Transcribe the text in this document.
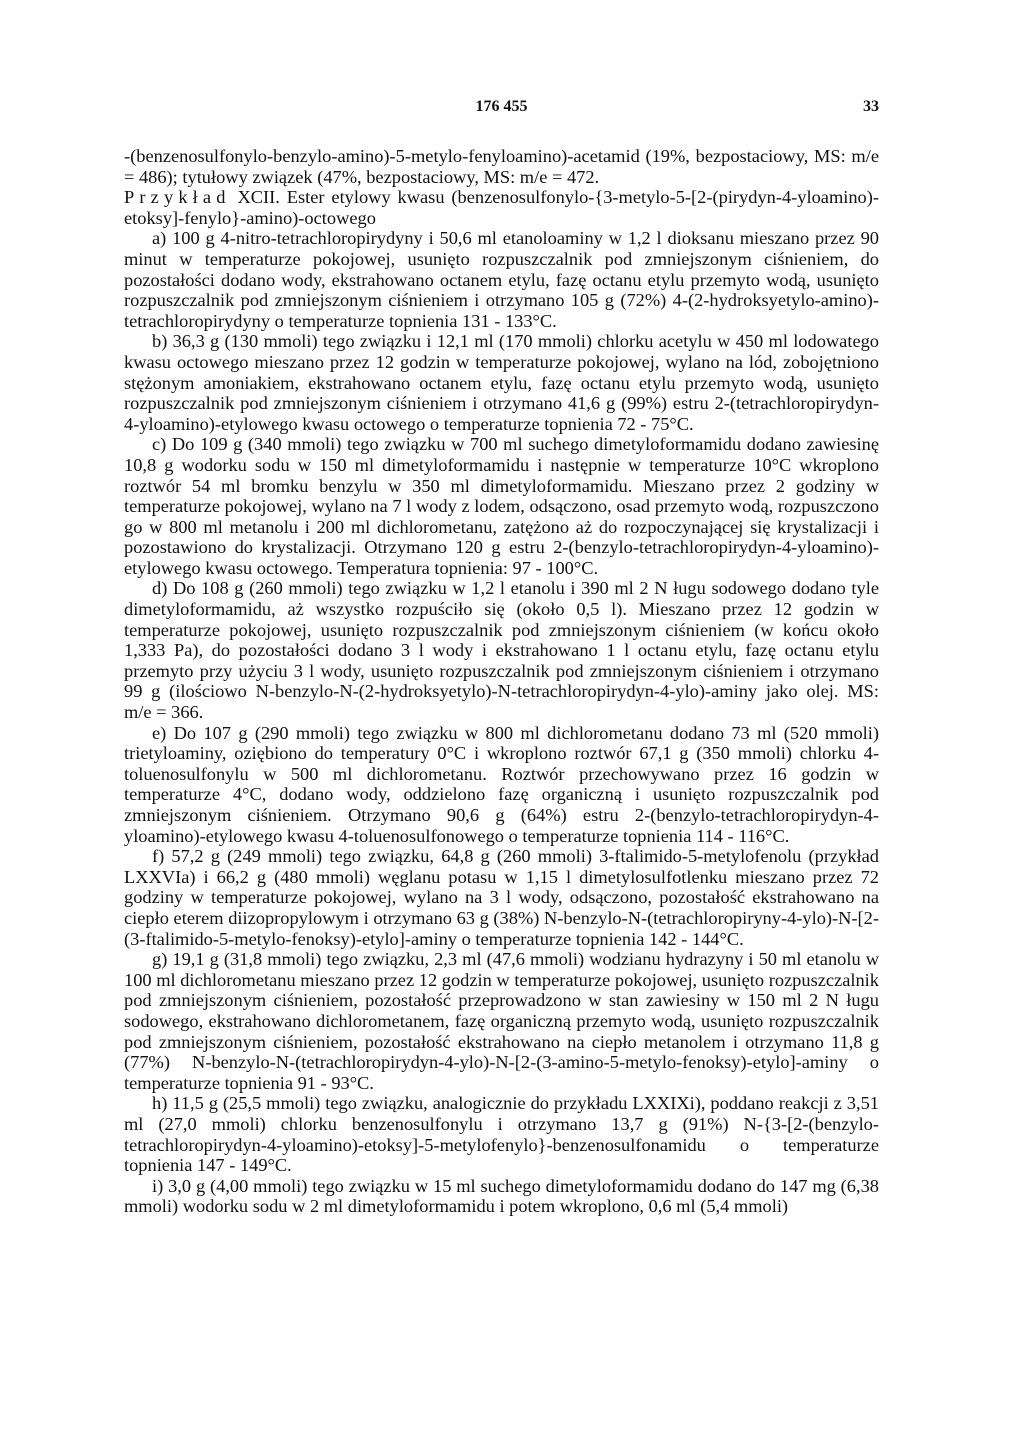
176 455	33

-(benzenosulfonylo-benzylo-amino)-5-metylo-fenyloamino)-acetamid (19%, bezpostaciowy, MS: m/e = 486); tytułowy związek (47%, bezpostaciowy, MS: m/e = 472.

Przykład XCII. Ester etylowy kwasu (benzenosulfonylo-{3-metylo-5-[2-(pirydyn-4-yloamino)-etoksy]-fenylo}-amino)-octowego

a) 100 g 4-nitro-tetrachloropirydyny i 50,6 ml etanoloaminy w 1,2 l dioksanu mieszano przez 90 minut w temperaturze pokojowej, usunięto rozpuszczalnik pod zmniejszonym ciśnieniem, do pozostałości dodano wody, ekstrahowano octanem etylu, fazę octanu etylu przemyto wodą, usunięto rozpuszczalnik pod zmniejszonym ciśnieniem i otrzymano 105 g (72%) 4-(2-hydroksyetylo-amino)-tetrachloropirydyny o temperaturze topnienia 131 - 133°C.

b) 36,3 g (130 mmoli) tego związku i 12,1 ml (170 mmoli) chlorku acetylu w 450 ml lodowatego kwasu octowego mieszano przez 12 godzin w temperaturze pokojowej, wylano na lód, zobojętniono stężonym amoniakiem, ekstrahowano octanem etylu, fazę octanu etylu przemyto wodą, usunięto rozpuszczalnik pod zmniejszonym ciśnieniem i otrzymano 41,6 g (99%) estru 2-(tetrachloropirydyn-4-yloamino)-etylowego kwasu octowego o temperaturze topnienia 72 - 75°C.

c) Do 109 g (340 mmoli) tego związku w 700 ml suchego dimetyloformamidu dodano zawiesinę 10,8 g wodorku sodu w 150 ml dimetyloformamidu i następnie w temperaturze 10°C wkroplono roztwór 54 ml bromku benzylu w 350 ml dimetyloformamidu. Mieszano przez 2 godziny w temperaturze pokojowej, wylano na 7 l wody z lodem, odsączono, osad przemyto wodą, rozpuszczono go w 800 ml metanolu i 200 ml dichlorometanu, zatężono aż do rozpoczynającej się krystalizacji i pozostawiono do krystalizacji. Otrzymano 120 g estru 2-(benzylo-tetrachloropirydyn-4-yloamino)-etylowego kwasu octowego. Temperatura topnienia: 97 - 100°C.

d) Do 108 g (260 mmoli) tego związku w 1,2 l etanolu i 390 ml 2 N ługu sodowego dodano tyle dimetyloformamidu, aż wszystko rozpuściło się (około 0,5 l). Mieszano przez 12 godzin w temperaturze pokojowej, usunięto rozpuszczalnik pod zmniejszonym ciśnieniem (w końcu około 1,333 Pa), do pozostałości dodano 3 l wody i ekstrahowano 1 l octanu etylu, fazę octanu etylu przemyto przy użyciu 3 l wody, usunięto rozpuszczalnik pod zmniejszonym ciśnieniem i otrzymano 99 g (ilościowo N-benzylo-N-(2-hydroksyetylo)-N-tetrachloropirydyn-4-ylo)-aminy jako olej. MS: m/e = 366.

e) Do 107 g (290 mmoli) tego związku w 800 ml dichlorometanu dodano 73 ml (520 mmoli) trietyloaminy, oziębiono do temperatury 0°C i wkroplono roztwór 67,1 g (350 mmoli) chlorku 4-toluenosulfonylu w 500 ml dichlorometanu. Roztwór przechowywano przez 16 godzin w temperaturze 4°C, dodano wody, oddzielono fazę organiczną i usunięto rozpuszczalnik pod zmniejszonym ciśnieniem. Otrzymano 90,6 g (64%) estru 2-(benzylo-tetrachloropirydyn-4-yloamino)-etylowego kwasu 4-toluenosulfonowego o temperaturze topnienia 114 - 116°C.

f) 57,2 g (249 mmoli) tego związku, 64,8 g (260 mmoli) 3-ftalimido-5-metylofenolu (przykład LXXVIa) i 66,2 g (480 mmoli) węglanu potasu w 1,15 l dimetylosulfotlenku mieszano przez 72 godziny w temperaturze pokojowej, wylano na 3 l wody, odsączono, pozostałość ekstrahowano na ciepło eterem diizopropylowym i otrzymano 63 g (38%) N-benzylo-N-(tetrachloropiryny-4-ylo)-N-[2-(3-ftalimido-5-metylo-fenoksy)-etylo]-aminy o temperaturze topnienia 142 - 144°C.

g) 19,1 g (31,8 mmoli) tego związku, 2,3 ml (47,6 mmoli) wodzianu hydrazyny i 50 ml etanolu w 100 ml dichlorometanu mieszano przez 12 godzin w temperaturze pokojowej, usunięto rozpuszczalnik pod zmniejszonym ciśnieniem, pozostałość przeprowadzono w stan zawiesiny w 150 ml 2 N ługu sodowego, ekstrahowano dichlorometanem, fazę organiczną przemyto wodą, usunięto rozpuszczalnik pod zmniejszonym ciśnieniem, pozostałość ekstrahowano na ciepło metanolem i otrzymano 11,8 g (77%) N-benzylo-N-(tetrachloropirydyn-4-ylo)-N-[2-(3-amino-5-metylo-fenoksy)-etylo]-aminy o temperaturze topnienia 91 - 93°C.

h) 11,5 g (25,5 mmoli) tego związku, analogicznie do przykładu LXXIXi), poddano reakcji z 3,51 ml (27,0 mmoli) chlorku benzenosulfonylu i otrzymano 13,7 g (91%) N-{3-[2-(benzylo-tetrachloropirydyn-4-yloamino)-etoksy]-5-metylofenylo}-benzenosulfonamidu o temperaturze topnienia 147 - 149°C.

i) 3,0 g (4,00 mmoli) tego związku w 15 ml suchego dimetyloformamidu dodano do 147 mg (6,38 mmoli) wodorku sodu w 2 ml dimetyloformamidu i potem wkroplono, 0,6 ml (5,4 mmoli)
